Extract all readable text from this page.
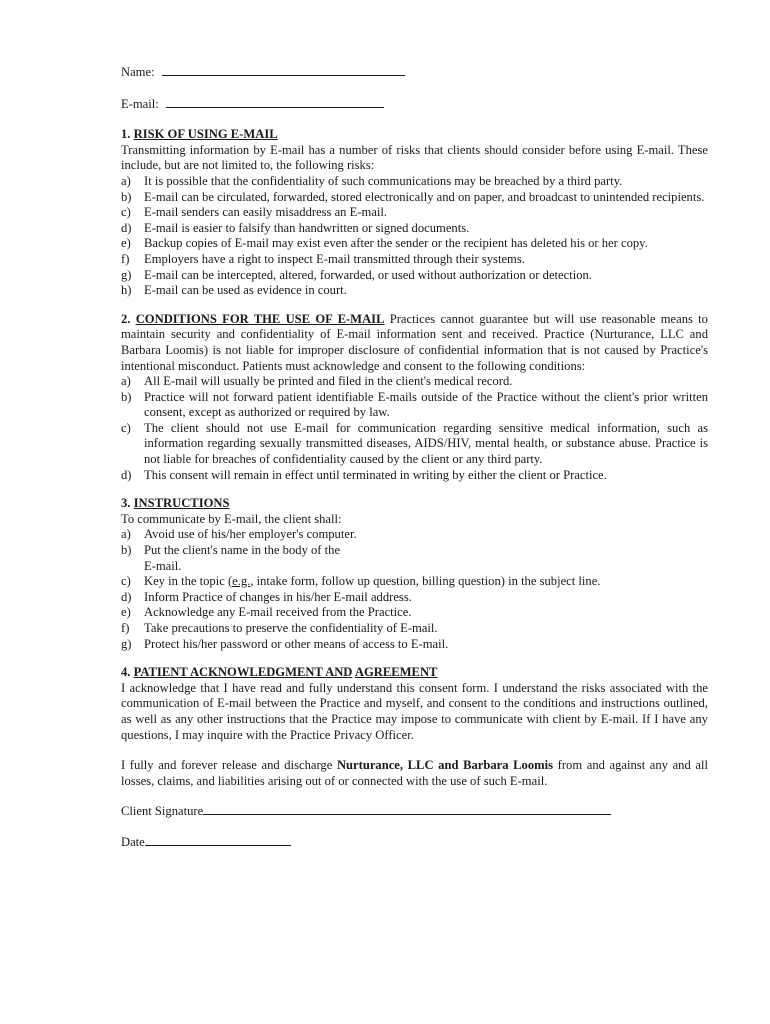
Name:
E-mail:
1. RISK OF USING E-MAIL

Transmitting information by E-mail has a number of risks that clients should consider before using E-mail. These include, but are not limited to, the following risks:

a) It is possible that the confidentiality of such communications may be breached by a third party.
b) E-mail can be circulated, forwarded, stored electronically and on paper, and broadcast to unintended recipients.
c) E-mail senders can easily misaddress an E-mail.
d) E-mail is easier to falsify than handwritten or signed documents.
e) Backup copies of E-mail may exist even after the sender or the recipient has deleted his or her copy.
f) Employers have a right to inspect E-mail transmitted through their systems.
g) E-mail can be intercepted, altered, forwarded, or used without authorization or detection.
h) E-mail can be used as evidence in court.

2. CONDITIONS FOR THE USE OF E-MAIL Practices cannot guarantee but will use reasonable means to maintain security and confidentiality of E-mail information sent and received. Practice (Nurturance, LLC and Barbara Loomis) is not liable for improper disclosure of confidential information that is not caused by Practice's intentional misconduct. Patients must acknowledge and consent to the following conditions:

a) All E-mail will usually be printed and filed in the client's medical record.
b) Practice will not forward patient identifiable E-mails outside of the Practice without the client's prior written consent, except as authorized or required by law.
c) The client should not use E-mail for communication regarding sensitive medical information, such as information regarding sexually transmitted diseases, AIDS/HIV, mental health, or substance abuse. Practice is not liable for breaches of confidentiality caused by the client or any third party.
d) This consent will remain in effect until terminated in writing by either the client or Practice.
3. INSTRUCTIONS

To communicate by E-mail, the client shall:

a) Avoid use of his/her employer's computer.
b) Put the client's name in the body of the
E-mail.
c) Key in the topic (e.g., intake form, follow up question, billing question) in the subject line.
d) Inform Practice of changes in his/her E-mail address.
e) Acknowledge any E-mail received from the Practice.
f) Take precautions to preserve the confidentiality of E-mail.
g) Protect his/her password or other means of access to E-mail.
4. PATIENT ACKNOWLEDGMENT AND AGREEMENT

I acknowledge that I have read and fully understand this consent form. I understand the risks associated with the communication of E-mail between the Practice and myself, and consent to the conditions and instructions outlined, as well as any other instructions that the Practice may impose to communicate with client by E-mail. If I have any questions, I may inquire with the Practice Privacy Officer.

I fully and forever release and discharge Nurturance, LLC and Barbara Loomis from and against any and all losses, claims, and liabilities arising out of or connected with the use of such E-mail.

Client Signature
Date
